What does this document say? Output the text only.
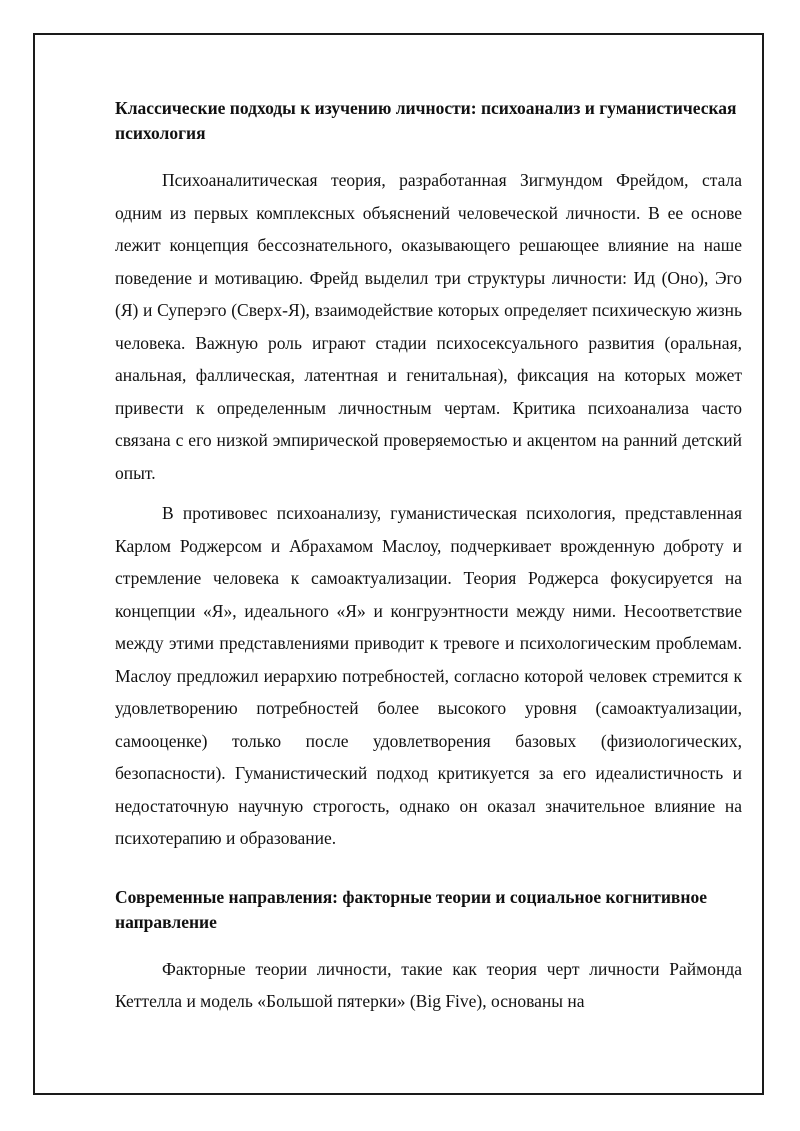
Классические подходы к изучению личности: психоанализ и гуманистическая психология

Психоаналитическая теория, разработанная Зигмундом Фрейдом, стала одним из первых комплексных объяснений человеческой личности. В ее основе лежит концепция бессознательного, оказывающего решающее влияние на наше поведение и мотивацию. Фрейд выделил три структуры личности: Ид (Оно), Эго (Я) и Суперэго (Сверх-Я), взаимодействие которых определяет психическую жизнь человека. Важную роль играют стадии психосексуального развития (оральная, анальная, фаллическая, латентная и генитальная), фиксация на которых может привести к определенным личностным чертам. Критика психоанализа часто связана с его низкой эмпирической проверяемостью и акцентом на ранний детский опыт.

В противовес психоанализу, гуманистическая психология, представленная Карлом Роджерсом и Абрахамом Маслоу, подчеркивает врожденную доброту и стремление человека к самоактуализации. Теория Роджерса фокусируется на концепции «Я», идеального «Я» и конгруэнтности между ними. Несоответствие между этими представлениями приводит к тревоге и психологическим проблемам. Маслоу предложил иерархию потребностей, согласно которой человек стремится к удовлетворению потребностей более высокого уровня (самоактуализации, самооценке) только после удовлетворения базовых (физиологических, безопасности). Гуманистический подход критикуется за его идеалистичность и недостаточную научную строгость, однако он оказал значительное влияние на психотерапию и образование.

Современные направления: факторные теории и социальное когнитивное направление

Факторные теории личности, такие как теория черт личности Раймонда Кеттелла и модель «Большой пятерки» (Big Five), основаны на
